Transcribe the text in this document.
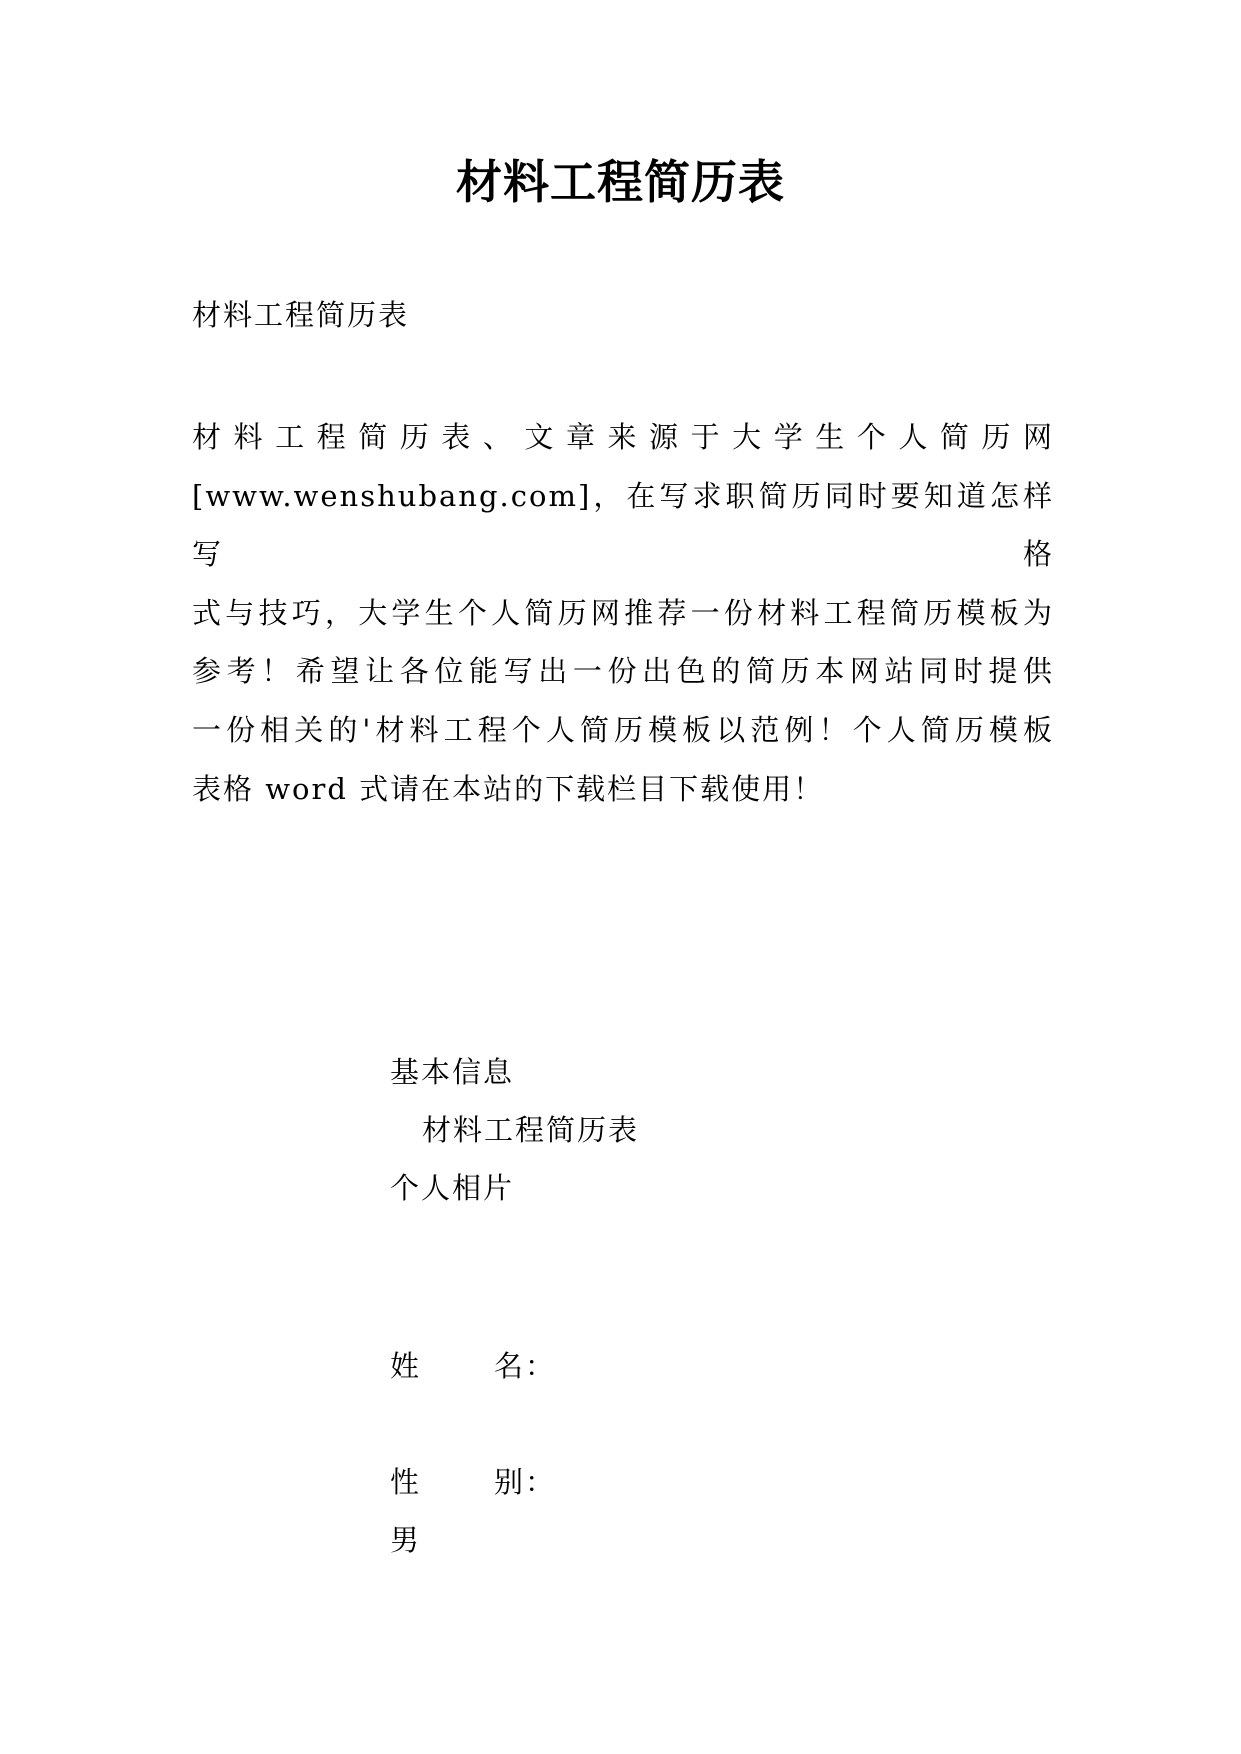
材料工程简历表

材料工程简历表

材料工程简历表、文章来源于大学生个人简历网
[www.wenshubang.com]，在写求职简历同时要知道怎样写格
式与技巧，大学生个人简历网推荐一份材料工程简历模板为
参考！希望让各位能写出一份出色的简历本网站同时提供
一份相关的'材料工程个人简历模板以范例！个人简历模板
表格 word 式请在本站的下载栏目下载使用！
基本信息
材料工程简历表
个人相片
姓	名：
性	别：
男
